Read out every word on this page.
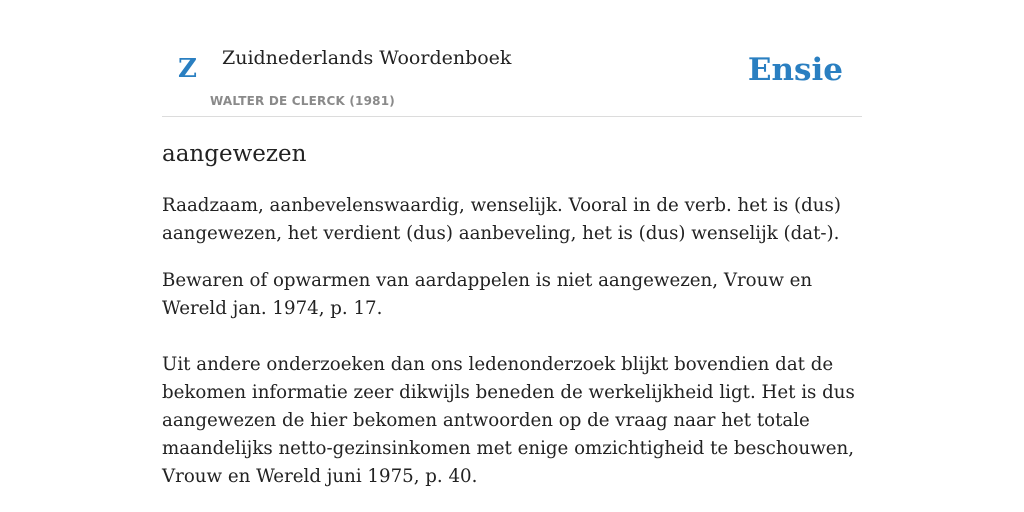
Z Zuidnederlands Woordenboek
WALTER DE CLERCK (1981)
Ensie
aangewezen

Raadzaam, aanbevelenswaardig, wenselijk. Vooral in de verb. het is (dus) aangewezen, het verdient (dus) aanbeveling, het is (dus) wenselijk (dat-).

Bewaren of opwarmen van aardappelen is niet aangewezen, Vrouw en Wereld jan. 1974, p. 17.

Uit andere onderzoeken dan ons ledenonderzoek blijkt bovendien dat de bekomen informatie zeer dikwijls beneden de werkelijkheid ligt. Het is dus aangewezen de hier bekomen antwoorden op de vraag naar het totale maandelijks netto-gezinsinkomen met enige omzichtigheid te beschouwen, Vrouw en Wereld juni 1975, p. 40.
